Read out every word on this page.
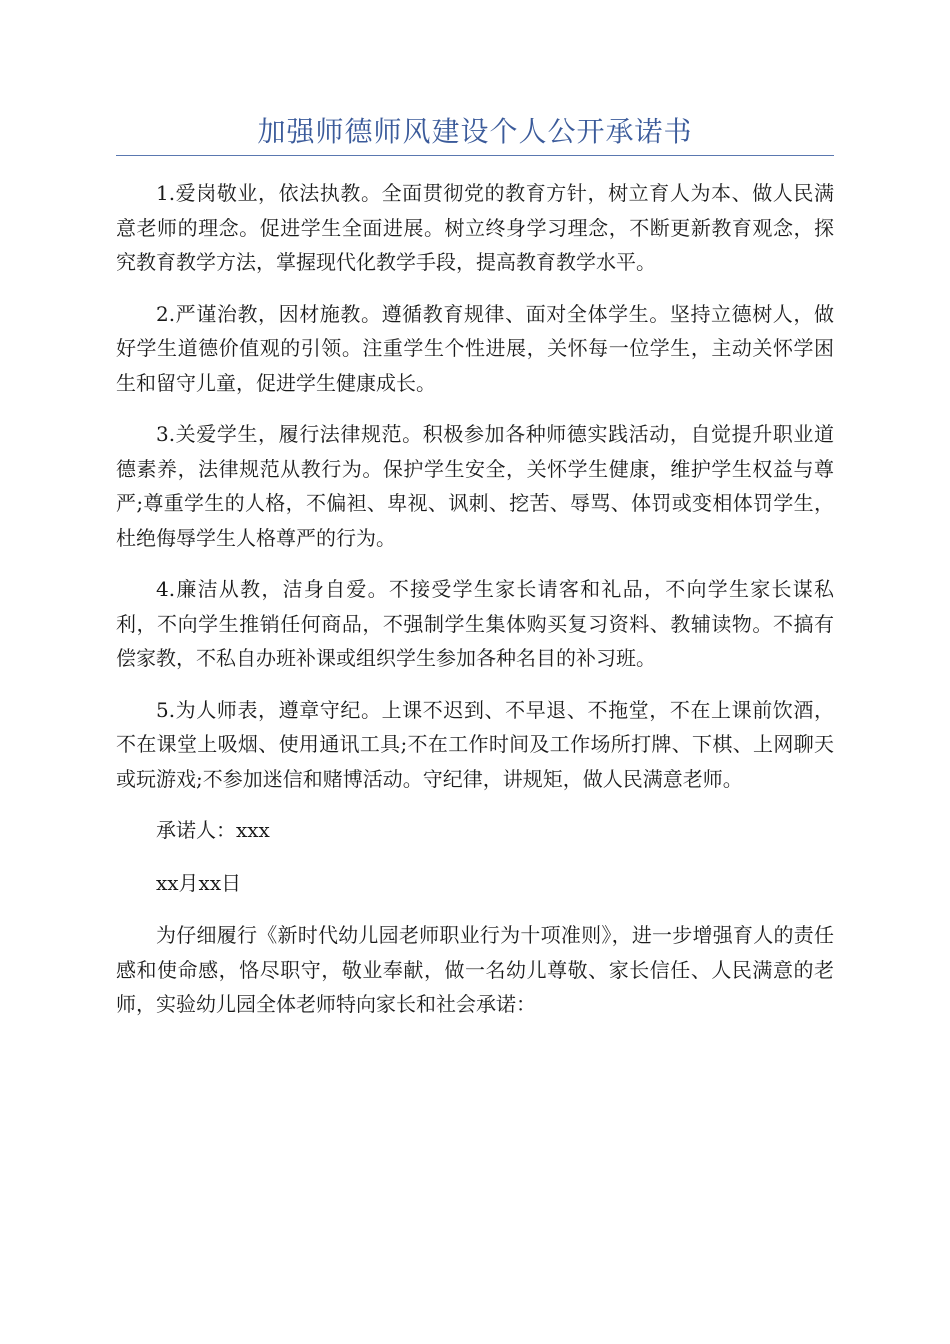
加强师德师风建设个人公开承诺书

1.爱岗敬业，依法执教。全面贯彻党的教育方针，树立育人为本、做人民满意老师的理念。促进学生全面进展。树立终身学习理念，不断更新教育观念，探究教育教学方法，掌握现代化教学手段，提高教育教学水平。

2.严谨治教，因材施教。遵循教育规律、面对全体学生。坚持立德树人，做好学生道德价值观的引领。注重学生个性进展，关怀每一位学生，主动关怀学困生和留守儿童，促进学生健康成长。

3.关爱学生，履行法律规范。积极参加各种师德实践活动，自觉提升职业道德素养，法律规范从教行为。保护学生安全，关怀学生健康，维护学生权益与尊严;尊重学生的人格，不偏袒、卑视、讽刺、挖苦、辱骂、体罚或变相体罚学生，杜绝侮辱学生人格尊严的行为。

4.廉洁从教，洁身自爱。不接受学生家长请客和礼品，不向学生家长谋私利，不向学生推销任何商品，不强制学生集体购买复习资料、教辅读物。不搞有偿家教，不私自办班补课或组织学生参加各种名目的补习班。

5.为人师表，遵章守纪。上课不迟到、不早退、不拖堂，不在上课前饮酒，不在课堂上吸烟、使用通讯工具;不在工作时间及工作场所打牌、下棋、上网聊天或玩游戏;不参加迷信和赌博活动。守纪律，讲规矩，做人民满意老师。

承诺人：xxx

xx月xx日

为仔细履行《新时代幼儿园老师职业行为十项准则》，进一步增强育人的责任感和使命感，恪尽职守，敬业奉献，做一名幼儿尊敬、家长信任、人民满意的老师，实验幼儿园全体老师特向家长和社会承诺：
